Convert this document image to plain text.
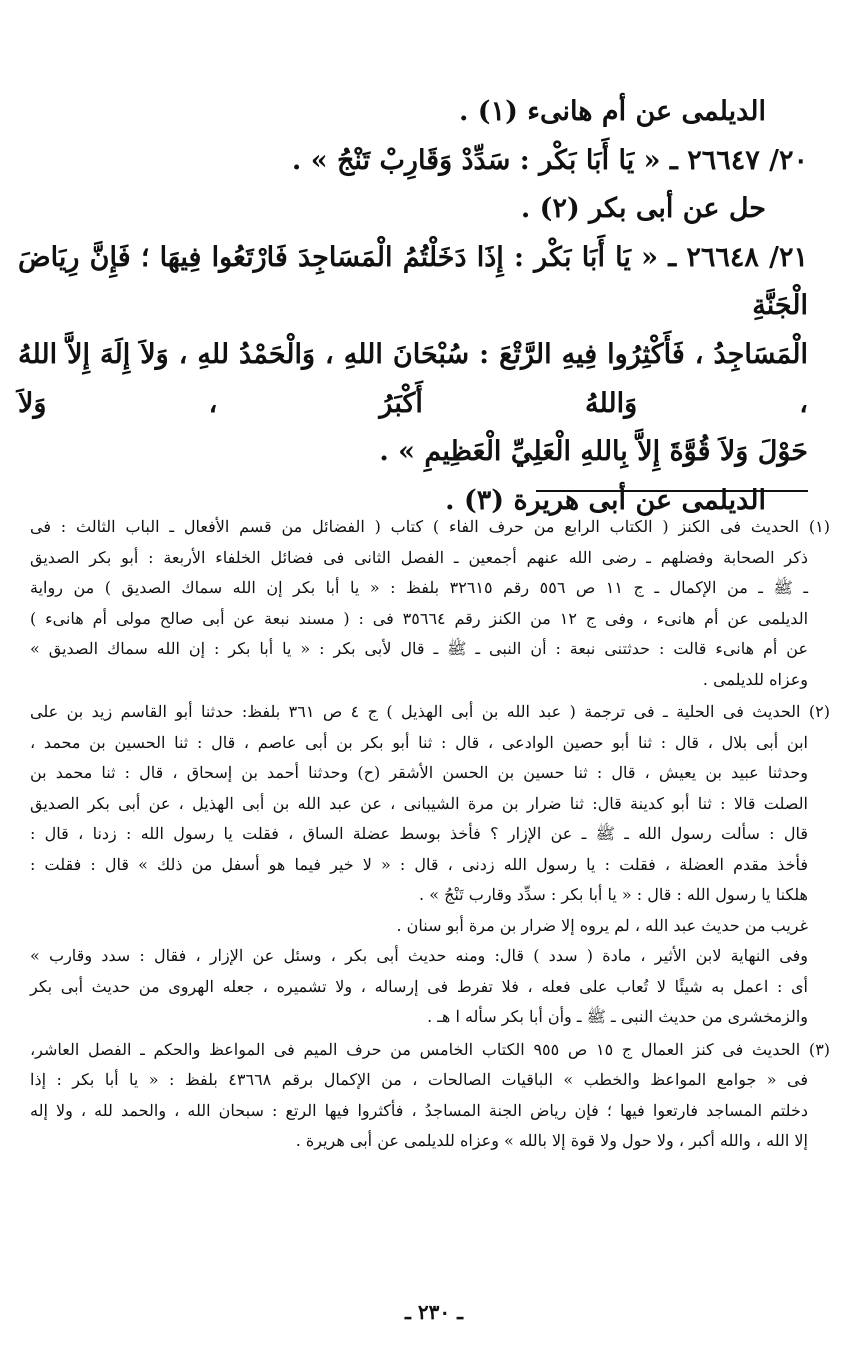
الديلمى عن أم هانىء (١) .

٢٠/ ٢٦٦٤٧ ـ « يَا أَبَا بَكْر : سَدِّدْ وَقَارِبْ تَنْجُ » .

حل عن أبى بكر (٢) .

٢١/ ٢٦٦٤٨ ـ « يَا أَبَا بَكْر : إِذَا دَخَلْتُمُ الْمَسَاجِدَ فَارْتَعُوا فِيهَا ؛ فَإِنَّ رِيَاضَ الْجَنَّةِ

الْمَسَاجِدُ ، فَأَكْثِرُوا فِيهِ الرَّتْعَ : سُبْحَانَ اللهِ ، وَالْحَمْدُ للهِ ، وَلاَ إِلَهَ إِلاَّ اللهُ ، وَاللهُ أَكْبَرُ ، وَلاَ

حَوْلَ وَلاَ قُوَّةَ إِلاَّ بِاللهِ الْعَلِيِّ الْعَظِيمِ » .

الديلمى عن أبى هريرة (٣) .

(١) الحديث فى الكنز ( الكتاب الرابع من حرف الفاء ) كتاب ( الفضائل من قسم الأفعال ـ الباب الثالث : فى

ذكر الصحابة وفضلهم ـ رضى الله عنهم أجمعين ـ الفصل الثانى فى فضائل الخلفاء الأربعة : أبو بكر الصديق

ـ ﷺ ـ من الإكمال ـ ج ١١ ص ٥٥٦ رقم ٣٢٦١٥ بلفظ : « يا أبا بكر إن الله سماك الصديق ) من رواية

الديلمى عن أم هانىء ، وفى ج ١٢ من الكنز رقم ٣٥٦٦٤ فى : ( مسند نبعة عن أبى صالح مولى أم هانىء )

عن أم هانىء قالت : حدثتنى نبعة : أن النبى ـ ﷺ ـ قال لأبى بكر : « يا أبا بكر : إن الله سماك الصديق »

وعزاه للديلمى .

(٢) الحديث فى الحلية ـ فى ترجمة ( عبد الله بن أبى الهذيل ) ج ٤ ص ٣٦١ بلفظ: حدثنا أبو القاسم زيد بن على

ابن أبى بلال ، قال : ثنا أبو حصين الوادعى ، قال : ثنا أبو بكر بن أبى عاصم ، قال : ثنا الحسين بن محمد ،

وحدثنا عبيد بن يعيش ، قال : ثنا حسين بن الحسن الأشقر (ح) وحدثنا أحمد بن إسحاق ، قال : ثنا محمد بن

الصلت قالا : ثنا أبو كدينة قال: ثنا ضرار بن مرة الشيبانى ، عن عبد الله بن أبى الهذيل ، عن أبى بكر الصديق

قال : سألت رسول الله ـ ﷺ ـ عن الإزار ؟ فأخذ بوسط عضلة الساق ، فقلت يا رسول الله : زدنا ، قال :

فأخذ مقدم العضلة ، فقلت : يا رسول الله زدنى ، قال : « لا خير فيما هو أسفل من ذلك » قال : فقلت :

هلكنا يا رسول الله : قال : « يا أبا بكر : سدِّد وقارب تَنْجُ » .

غريب من حديث عبد الله ، لم يروه إلا ضرار بن مرة أبو سنان .

وفى النهاية لابن الأثير ، مادة ( سدد ) قال: ومنه حديث أبى بكر ، وسئل عن الإزار ، فقال : سدد وقارب »

أى : اعمل به شيئًا لا تُعاب على فعله ، فلا تفرط فى إرساله ، ولا تشميره ، جعله الهروى من حديث أبى بكر

والزمخشرى من حديث النبى ـ ﷺ ـ وأن أبا بكر سأله ا هـ .

(٣) الحديث فى كنز العمال ج ١٥ ص ٩٥٥ الكتاب الخامس من حرف الميم فى المواعظ والحكم ـ الفصل العاشر،

فى « جوامع المواعظ والخطب » الباقيات الصالحات ، من الإكمال برقم ٤٣٦٦٨ بلفظ : « يا أبا بكر : إذا

دخلتم المساجد فارتعوا فيها ؛ فإن رياض الجنة المساجدُ ، فأكثروا فيها الرتع : سبحان الله ، والحمد لله ، ولا إله

إلا الله ، والله أكبر ، ولا حول ولا قوة إلا بالله » وعزاه للديلمى عن أبى هريرة .

ـ ٢٣٠ ـ
